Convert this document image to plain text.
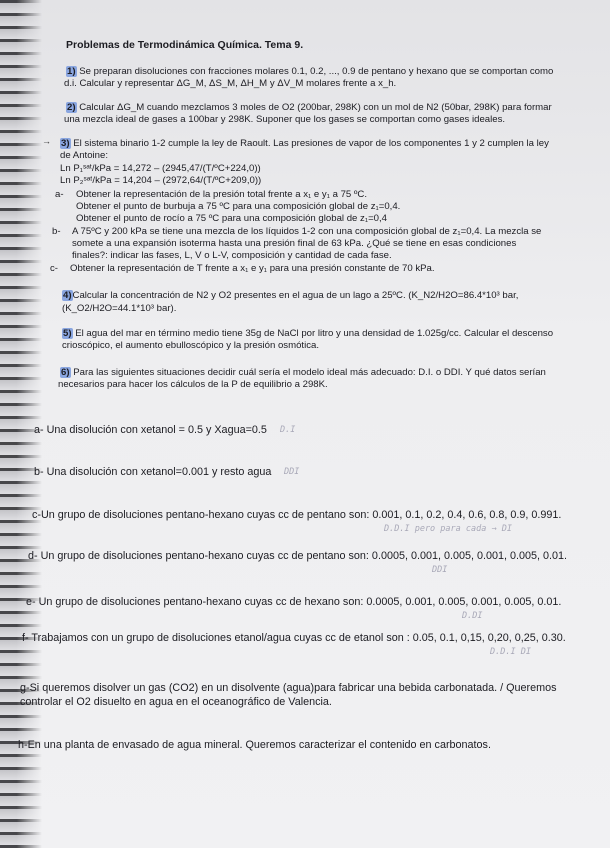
Problemas de Termodinámica Química. Tema 9.
1) Se preparan disoluciones con fracciones molares 0.1, 0.2, ..., 0.9 de pentano y hexano que se comportan como
d.i. Calcular y representar ΔG_M, ΔS_M, ΔH_M y ΔV_M molares frente a x_h.
2) Calcular ΔG_M cuando mezclamos 3 moles de O2 (200bar, 298K) con un mol de N2 (50bar, 298K) para formar
una mezcla ideal de gases a 100bar y 298K. Suponer que los gases se comportan como gases ideales.
→ 3) El sistema binario 1-2 cumple la ley de Raoult. Las presiones de vapor de los componentes 1 y 2 cumplen la ley
de Antoine:
Ln P₁ˢᵃᵗ/kPa = 14,272 – (2945,47/(T/ºC+224,0))
Ln P₂ˢᵃᵗ/kPa = 14,204 – (2972,64/(T/ºC+209,0))
a- Obtener la representación de la presión total frente a x₁ e y₁ a 75 ºC.
Obtener el punto de burbuja a 75 ºC para una composición global de z₁=0,4.
Obtener el punto de rocío a 75 ºC para una composición global de z₁=0,4
b- A 75ºC y 200 kPa se tiene una mezcla de los líquidos 1-2 con una composición global de z₁=0,4. La mezcla se
somete a una expansión isoterma hasta una presión final de 63 kPa. ¿Qué se tiene en esas condiciones
finales?: indicar las fases, L, V o L-V, composición y cantidad de cada fase.
c- Obtener la representación de T frente a x₁ e y₁ para una presión constante de 70 kPa.
4)Calcular la concentración de N2 y O2 presentes en el agua de un lago a 25ºC. (K_N2/H2O=86.4*10³ bar,
(K_O2/H2O=44.1*10³ bar).
5) El agua del mar en término medio tiene 35g de NaCl por litro y una densidad de 1.025g/cc. Calcular el descenso
crioscópico, el aumento ebulloscópico y la presión osmótica.
6) Para las siguientes situaciones decidir cuál sería el modelo ideal más adecuado: D.I. o DDI. Y qué datos serían
necesarios para hacer los cálculos de la P de equilibrio a 298K.
a- Una disolución con xetanol = 0.5 y Xagua=0.5 D.I
b- Una disolución con xetanol=0.001 y resto agua DDI
c-Un grupo de disoluciones pentano-hexano cuyas cc de pentano son: 0.001, 0.1, 0.2, 0.4, 0.6, 0.8, 0.9, 0.991.
D.D.I pero para cada → DI
d- Un grupo de disoluciones pentano-hexano cuyas cc de pentano son: 0.0005, 0.001, 0.005, 0.001, 0.005, 0.01.
DDI
e- Un grupo de disoluciones pentano-hexano cuyas cc de hexano son: 0.0005, 0.001, 0.005, 0.001, 0.005, 0.01.
D.DI
f- Trabajamos con un grupo de disoluciones etanol/agua cuyas cc de etanol son : 0.05, 0.1, 0,15, 0,20, 0,25, 0.30.
D.D.I DI
g-Si queremos disolver un gas (CO2) en un disolvente (agua)para fabricar una bebida carbonatada. / Queremos
controlar el O2 disuelto en agua en el oceanográfico de Valencia.
h-En una planta de envasado de agua mineral. Queremos caracterizar el contenido en carbonatos.
